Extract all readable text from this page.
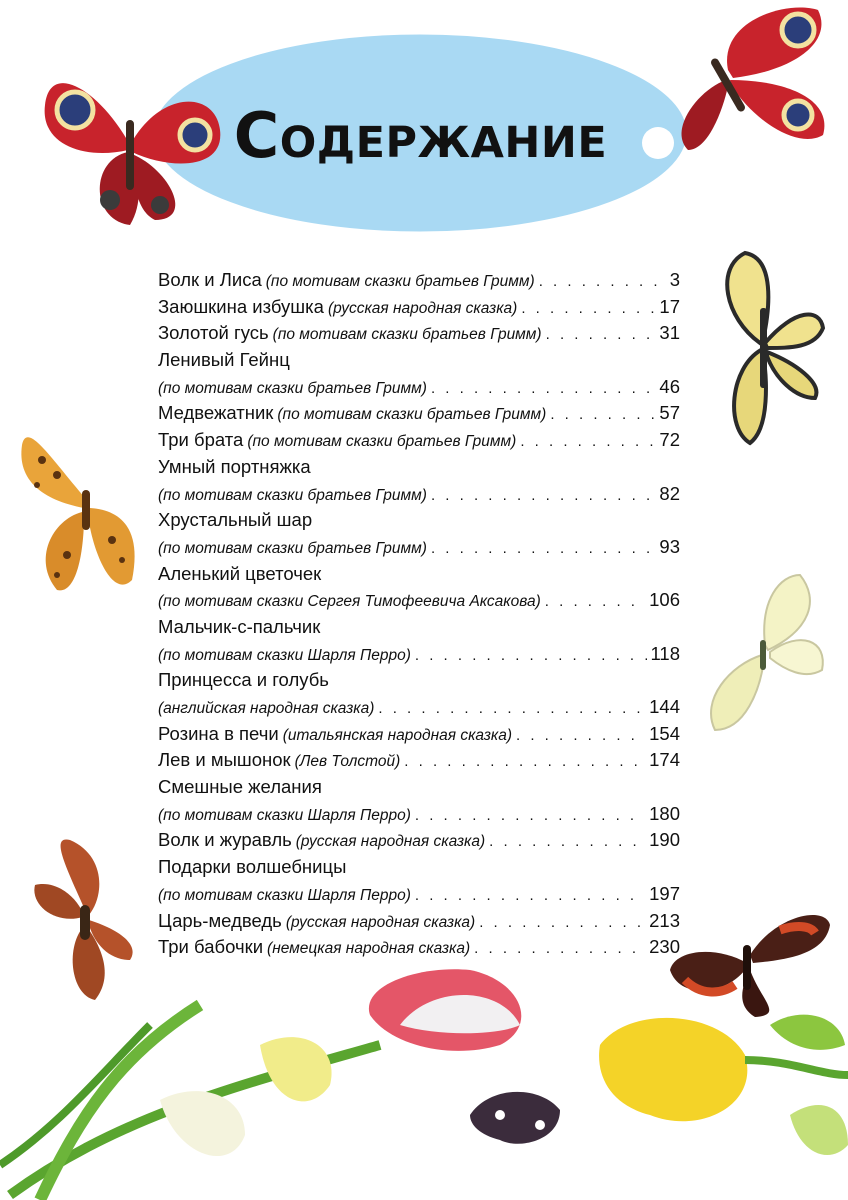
Содержание
Волк и Лиса (по мотивам сказки братьев Гримм) . . .	3
Заюшкина избушка (русская народная сказка) . . .	17
Золотой гусь (по мотивам сказки братьев Гримм) . . .	31
Ленивый Гейнц
(по мотивам сказки братьев Гримм) . . .	46
Медвежатник (по мотивам сказки братьев Гримм) . . .	57
Три брата (по мотивам сказки братьев Гримм) . . .	72
Умный портняжка
(по мотивам сказки братьев Гримм) . . .	82
Хрустальный шар
(по мотивам сказки братьев Гримм) . . .	93
Аленький цветочек
(по мотивам сказки Сергея Тимофеевича Аксакова) . . .	106
Мальчик-с-пальчик
(по мотивам сказки Шарля Перро) . . .	118
Принцесса и голубь
(английская народная сказка) . . .	144
Розина в печи (итальянская народная сказка) . . .	154
Лев и мышонок (Лев Толстой) . . .	174
Смешные желания
(по мотивам сказки Шарля Перро) . . .	180
Волк и журавль (русская народная сказка) . . .	190
Подарки волшебницы
(по мотивам сказки Шарля Перро) . . .	197
Царь-медведь (русская народная сказка) . . .	213
Три бабочки (немецкая народная сказка) . . .	230
